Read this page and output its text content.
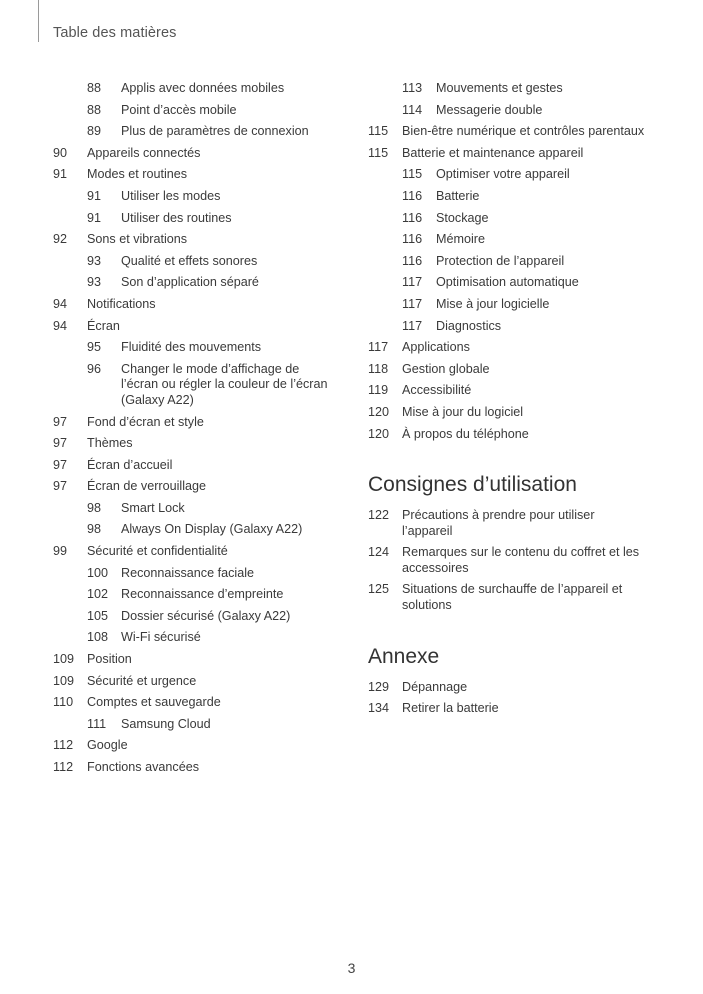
Table des matières
88	Applis avec données mobiles
88	Point d’accès mobile
89	Plus de paramètres de connexion
90	Appareils connectés
91	Modes et routines
91	Utiliser les modes
91	Utiliser des routines
92	Sons et vibrations
93	Qualité et effets sonores
93	Son d’application séparé
94	Notifications
94	Écran
95	Fluidité des mouvements
96	Changer le mode d’affichage de l’écran ou régler la couleur de l’écran (Galaxy A22)
97	Fond d’écran et style
97	Thèmes
97	Écran d’accueil
97	Écran de verrouillage
98	Smart Lock
98	Always On Display (Galaxy A22)
99	Sécurité et confidentialité
100	Reconnaissance faciale
102	Reconnaissance d’empreinte
105	Dossier sécurisé (Galaxy A22)
108	Wi-Fi sécurisé
109	Position
109	Sécurité et urgence
110	Comptes et sauvegarde
111	Samsung Cloud
112	Google
112	Fonctions avancées
113	Mouvements et gestes
114	Messagerie double
115	Bien-être numérique et contrôles parentaux
115	Batterie et maintenance appareil
115	Optimiser votre appareil
116	Batterie
116	Stockage
116	Mémoire
116	Protection de l’appareil
117	Optimisation automatique
117	Mise à jour logicielle
117	Diagnostics
117	Applications
118	Gestion globale
119	Accessibilité
120	Mise à jour du logiciel
120	À propos du téléphone
Consignes d’utilisation
122	Précautions à prendre pour utiliser l’appareil
124	Remarques sur le contenu du coffret et les accessoires
125	Situations de surchauffe de l’appareil et solutions
Annexe
129	Dépannage
134	Retirer la batterie
3
